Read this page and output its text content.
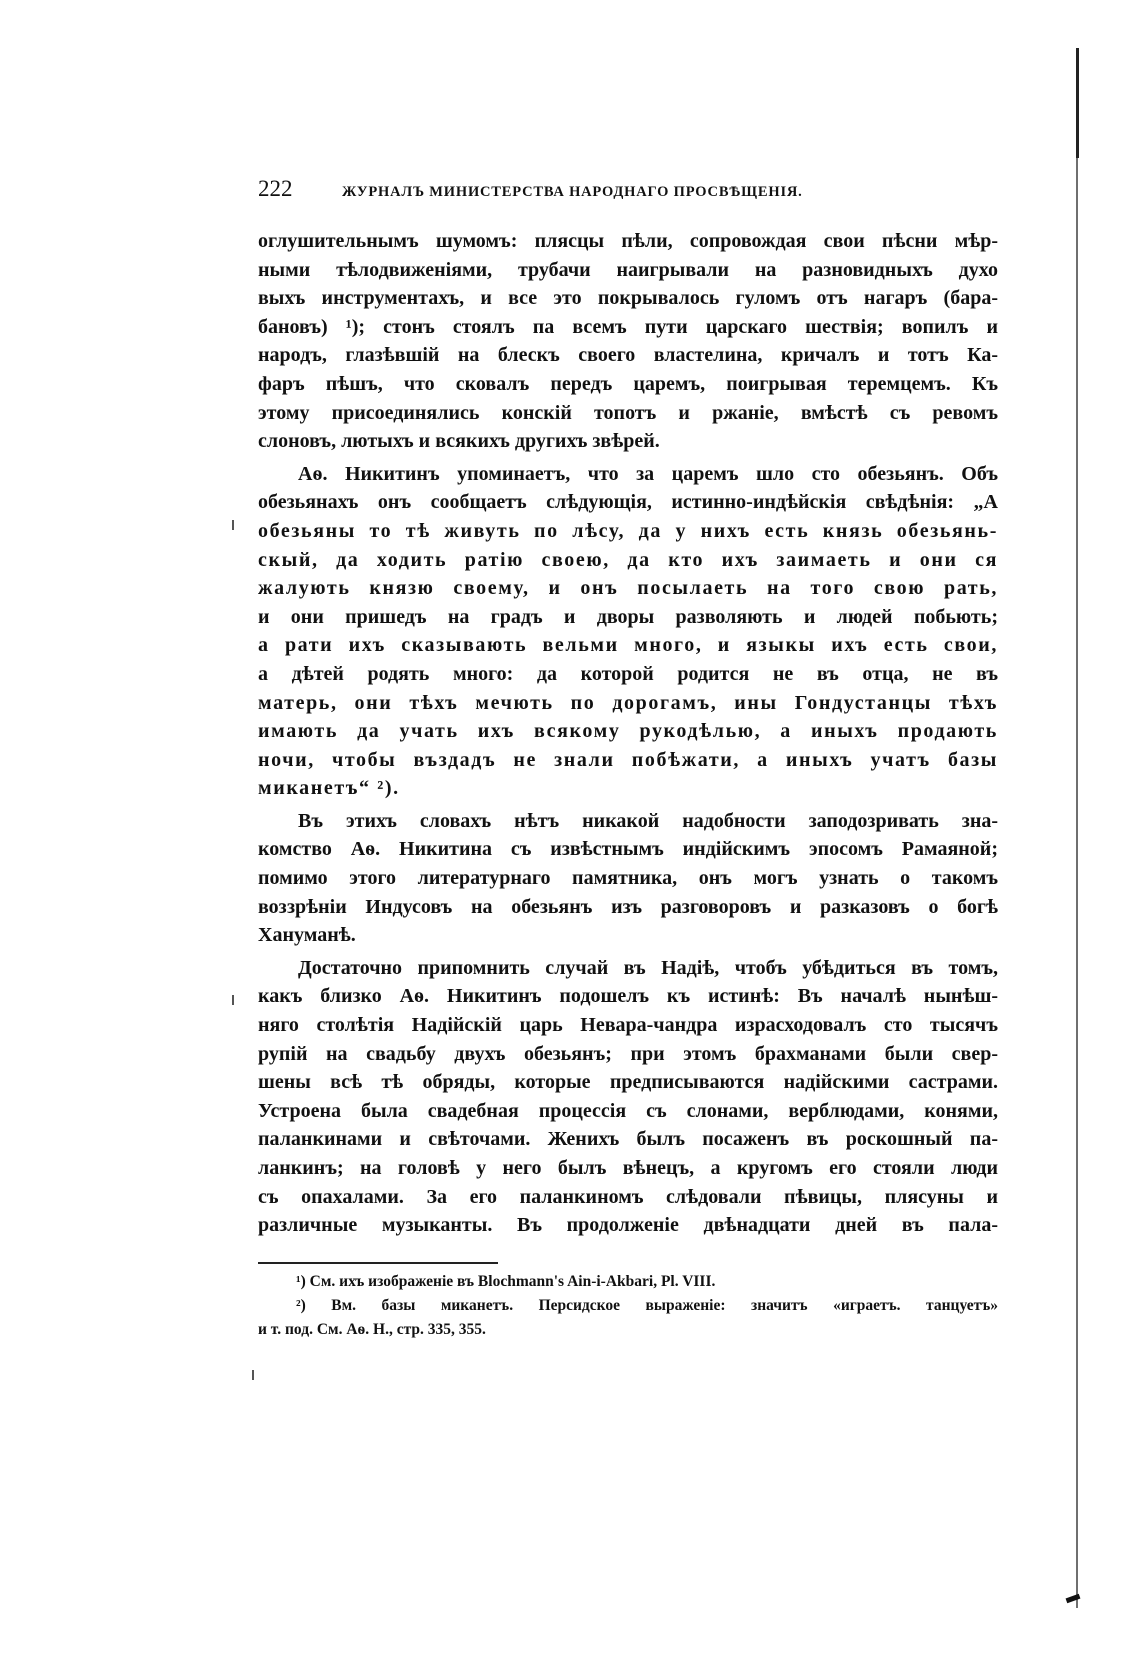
222	ЖУРНАЛЪ МИНИСТЕРСТВА НАРОДНАГО ПРОСВѢЩЕНІЯ.
оглушительнымъ шумомъ: плясцы пѣли, сопровождая свои пѣсни мѣр-
ными тѣлодвиженіями, трубачи наигрывали на разновидныхъ духо
выхъ инструментахъ, и все это покрывалось гуломъ отъ нагаръ (бара-
бановъ) ¹); стонъ стоялъ па всемъ пути царскаго шествія; вопилъ и
народъ, глазѣвшій на блескъ своего властелина, кричалъ и тотъ Ка-
фаръ пѣшъ, что сковалъ передъ царемъ, поигрывая теремцемъ. Къ
этому присоединялись конскій топотъ и ржаніе, вмѣстѣ съ ревомъ
слоновъ, лютыхъ и всякихъ другихъ звѣрей.
Аѳ. Никитинъ упоминаетъ, что за царемъ шло сто обезьянъ. Объ
обезьянахъ онъ сообщаетъ слѣдующія, истинно-индѣйскія свѣдѣнія: „А
обезьяны то тѣ живуть по лѣсу, да у нихъ есть князь обезьянь-
скый, да ходить ратію своею, да кто ихъ заимаеть и они ся
жалують князю своему, и онъ посылаеть на того свою рать,
и они пришедъ на градъ и дворы разволяють и людей побьють;
а рати ихъ сказывають вельми много, и языкы ихъ есть свои,
а дѣтей родять много: да которой родится не въ отца, не въ
матерь, они тѣхъ мечють по дорогамъ, ины Гондустанцы тѣхъ
имають да учать ихъ всякому рукодѣлью, а иныхъ продають
ночи, чтобы въздадъ не знали побѣжати, а иныхъ учатъ базы
миканетъ“ ²).
Въ этихъ словахъ нѣтъ никакой надобности заподозривать зна-
комство Аѳ. Никитина съ извѣстнымъ индійскимъ эпосомъ Рамаяной;
помимо этого литературнаго памятника, онъ могъ узнать о такомъ
воззрѣніи Индусовъ на обезьянъ изъ разговоровъ и разказовъ о богѣ
Хануманѣ.
Достаточно припомнить случай въ Надіѣ, чтобъ убѣдиться въ томъ,
какъ близко Аѳ. Никитинъ подошелъ къ истинѣ: Въ началѣ нынѣш-
няго столѣтія Надійскій царь Невара-чандра израсходовалъ сто тысячъ
рупій на свадьбу двухъ обезьянъ; при этомъ брахманами были свер-
шены всѣ тѣ обряды, которые предписываются надійскими састрами.
Устроена была свадебная процессія съ слонами, верблюдами, конями,
паланкинами и свѣточами. Женихъ былъ посаженъ въ роскошный па-
ланкинъ; на головѣ у него былъ вѣнецъ, а кругомъ его стояли люди
съ опахалами. За его паланкиномъ слѣдовали пѣвицы, плясуны и
различные музыканты. Въ продолженіе двѣнадцати дней въ пала-
¹) См. ихъ изображеніе въ Blochmann's Ain-i-Akbari, Pl. VIII.
²) Вм. базы миканетъ. Персидское выраженіе: значитъ «играетъ. танцуетъ»
и т. под. См. Аѳ. Н., стр. 335, 355.
